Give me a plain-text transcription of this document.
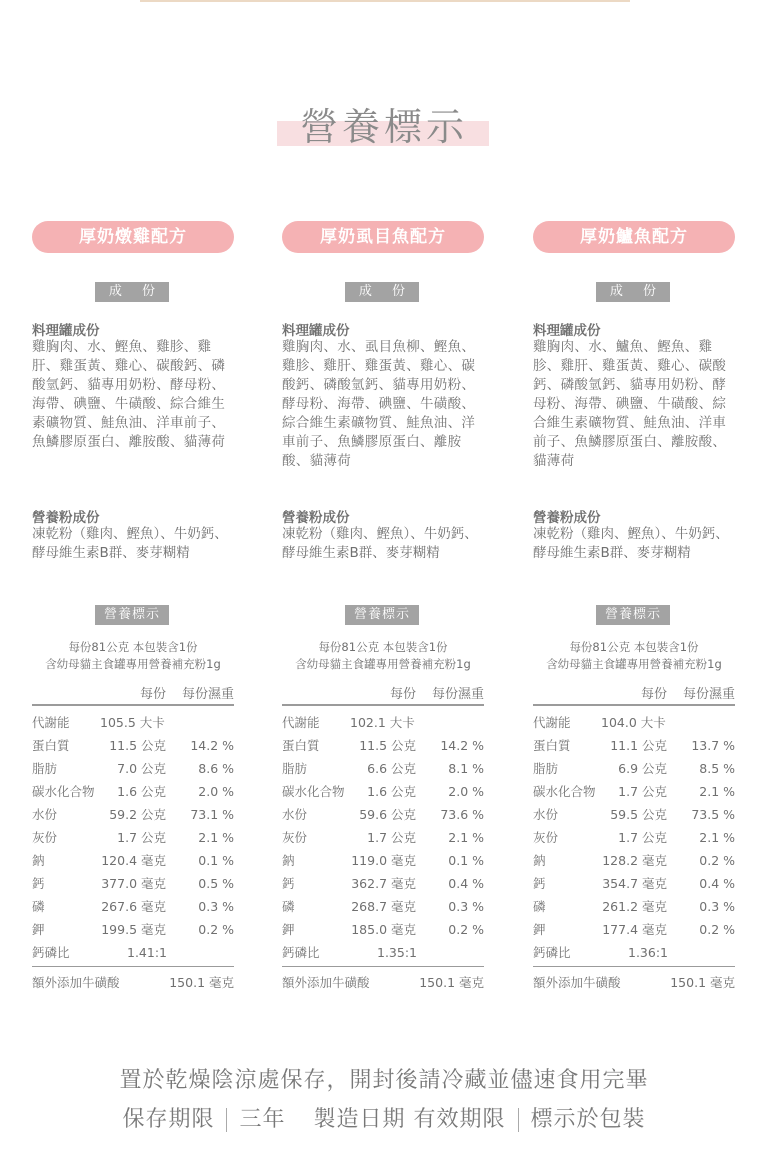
營養標示
厚奶燉雞配方
成 份
料理罐成份
雞胸肉、水、鰹魚、雞胗、雞肝、雞蛋黃、雞心、碳酸鈣、磷酸氫鈣、貓專用奶粉、酵母粉、海帶、碘鹽、牛磺酸、綜合維生素礦物質、鮭魚油、洋車前子、魚鱗膠原蛋白、離胺酸、貓薄荷
營養粉成份
凍乾粉（雞肉、鰹魚）、牛奶鈣、酵母維生素B群、麥芽糊精
營養標示
每份81公克 本包裝含1份
含幼母貓主食罐專用營養補充粉1g
每份 每份濕重
代謝能 105.5 大卡
蛋白質	11.5 公克 14.2 %
脂肪	7.0 公克	8.6 %
碳水化合物 1.6 公克	2.0 %
水份	59.2 公克 73.1 %
灰份	1.7 公克	2.1 %
鈉	120.4 毫克	0.1 %
鈣	377.0 毫克	0.5 %
磷	267.6 毫克	0.3 %
鉀	199.5 毫克	0.2 %
鈣磷比	1.41:1
額外添加牛磺酸	150.1 毫克
厚奶虱目魚配方
成 份
料理罐成份
雞胸肉、水、虱目魚柳、鰹魚、雞胗、雞肝、雞蛋黃、雞心、碳酸鈣、磷酸氫鈣、貓專用奶粉、酵母粉、海帶、碘鹽、牛磺酸、綜合維生素礦物質、鮭魚油、洋車前子、魚鱗膠原蛋白、離胺酸、貓薄荷
營養粉成份
凍乾粉（雞肉、鰹魚）、牛奶鈣、酵母維生素B群、麥芽糊精
營養標示
每份81公克 本包裝含1份
含幼母貓主食罐專用營養補充粉1g
每份 每份濕重
代謝能 102.1 大卡
蛋白質	11.5 公克 14.2 %
脂肪	6.6 公克	8.1 %
碳水化合物 1.6 公克	2.0 %
水份	59.6 公克 73.6 %
灰份	1.7 公克	2.1 %
鈉	119.0 毫克	0.1 %
鈣	362.7 毫克	0.4 %
磷	268.7 毫克	0.3 %
鉀	185.0 毫克	0.2 %
鈣磷比	1.35:1
額外添加牛磺酸	150.1 毫克
厚奶鱸魚配方
成 份
料理罐成份
雞胸肉、水、鱸魚、鰹魚、雞胗、雞肝、雞蛋黃、雞心、碳酸鈣、磷酸氫鈣、貓專用奶粉、酵母粉、海帶、碘鹽、牛磺酸、綜合維生素礦物質、鮭魚油、洋車前子、魚鱗膠原蛋白、離胺酸、貓薄荷
營養粉成份
凍乾粉（雞肉、鰹魚）、牛奶鈣、酵母維生素B群、麥芽糊精
營養標示
每份81公克 本包裝含1份
含幼母貓主食罐專用營養補充粉1g
每份 每份濕重
代謝能 104.0 大卡
蛋白質	11.1 公克 13.7 %
脂肪	6.9 公克	8.5 %
碳水化合物 1.7 公克	2.1 %
水份	59.5 公克 73.5 %
灰份	1.7 公克	2.1 %
鈉	128.2 毫克	0.2 %
鈣	354.7 毫克	0.4 %
磷	261.2 毫克	0.3 %
鉀	177.4 毫克	0.2 %
鈣磷比	1.36:1
額外添加牛磺酸	150.1 毫克
置於乾燥陰涼處保存，開封後請冷藏並儘速食用完畢
保存期限 三年 製造日期 有效期限 標示於包裝
